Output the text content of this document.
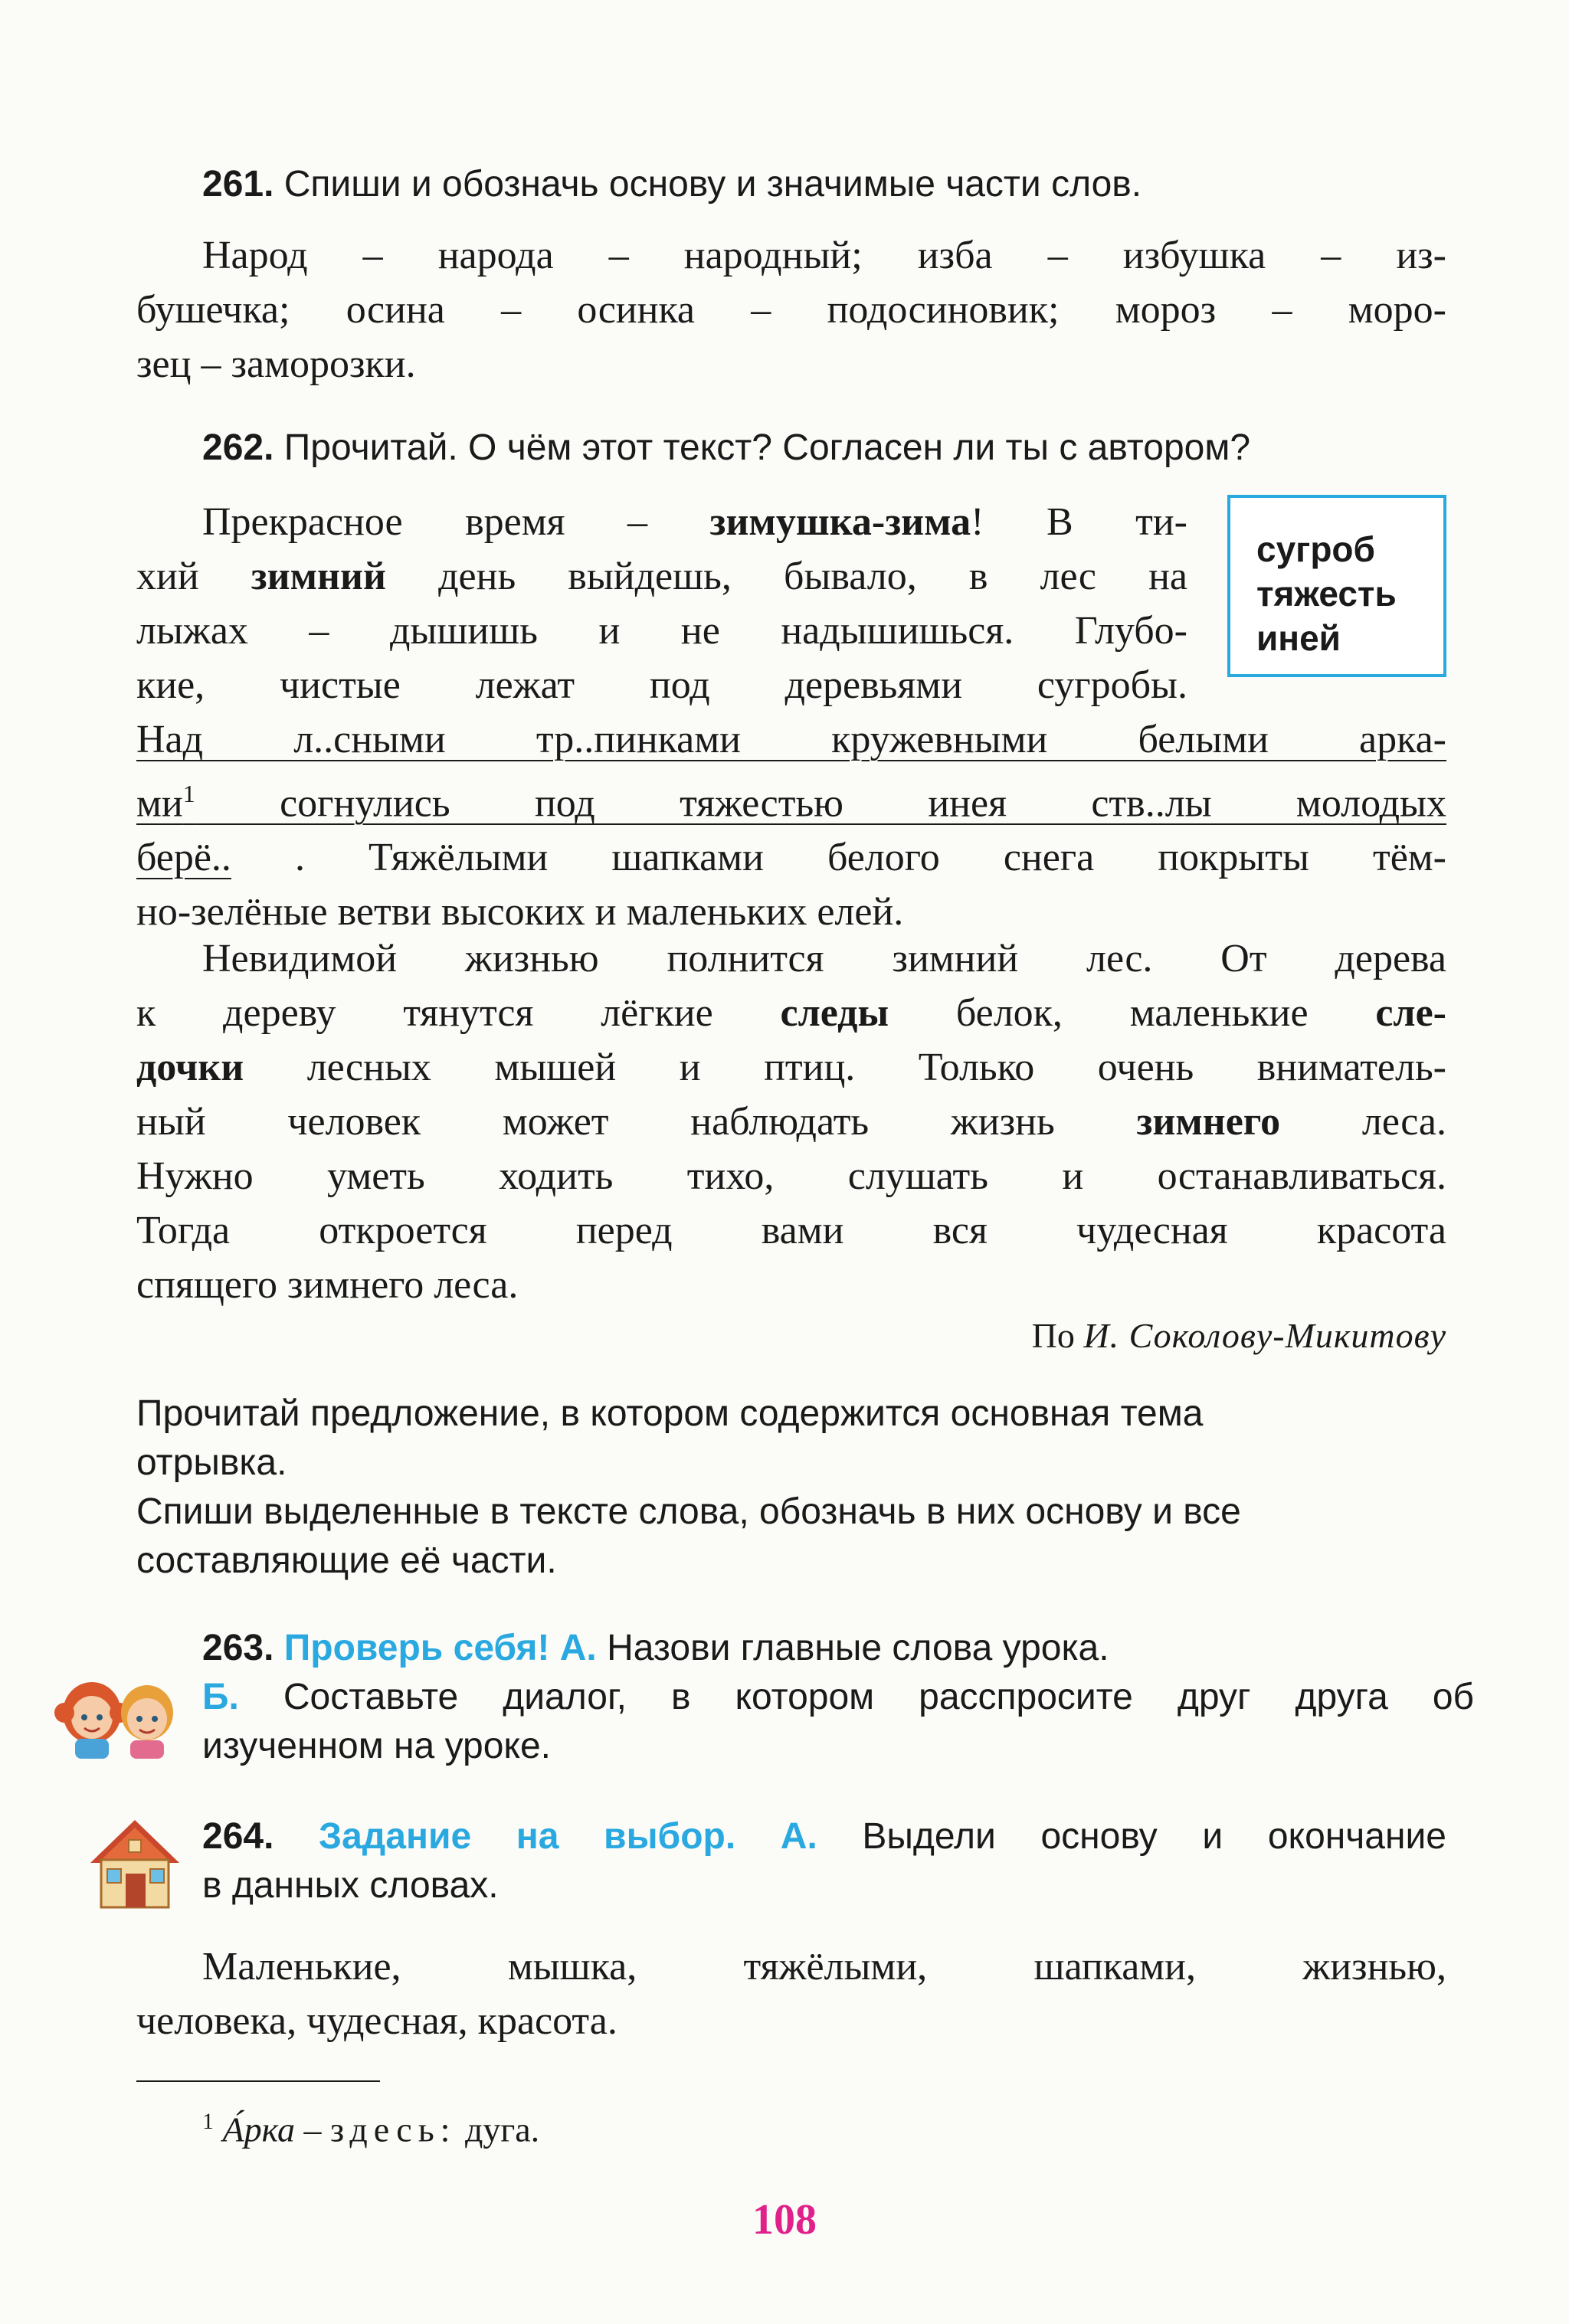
261. Спиши и обозначь основу и значимые части слов.
Народ – народа – народный; изба – избушка – из-
бушечка; осина – осинка – подосиновик; мороз – моро-
зец – заморозки.
262. Прочитай. О чём этот текст? Согласен ли ты с автором?
сугроб
тяжесть
иней
Прекрасное время – зимушка-зима! В ти-
хий зимний день выйдешь, бывало, в лес на
лыжах – дышишь и не надышишься. Глубо-
кие, чистые лежат под деревьями сугробы.
Над л..сными тр..пинками кружевными белыми арка-
$ми^1$ согнулись под тяжестью инея ств..лы молодых
берё.. . Тяжёлыми шапками белого снега покрыты тём-
но-зелёные ветви высоких и маленьких елей.
Невидимой жизнью полнится зимний лес. От дерева
к дереву тянутся лёгкие следы белок, маленькие сле-
дочки лесных мышей и птиц. Только очень вниматель-
ный человек может наблюдать жизнь зимнего леса.
Нужно уметь ходить тихо, слушать и останавливаться.
Тогда откроется перед вами вся чудесная красота
спящего зимнего леса.
По И. Соколову-Микитову
Прочитай предложение, в котором содержится основная тема
отрывка.
Спиши выделенные в тексте слова, обозначь в них основу и все
составляющие её части.
263. Проверь себя! А. Назови главные слова урока.
Б. Составьте диалог, в котором расспросите друг друга об
изученном на уроке.
264. Задание на выбор. А. Выдели основу и окончание
в данных словах.
Маленькие, мышка, тяжёлыми, шапками, жизнью,
человека, чудесная, красота.
$^1$ А́рка – здесь: дуга.
108
